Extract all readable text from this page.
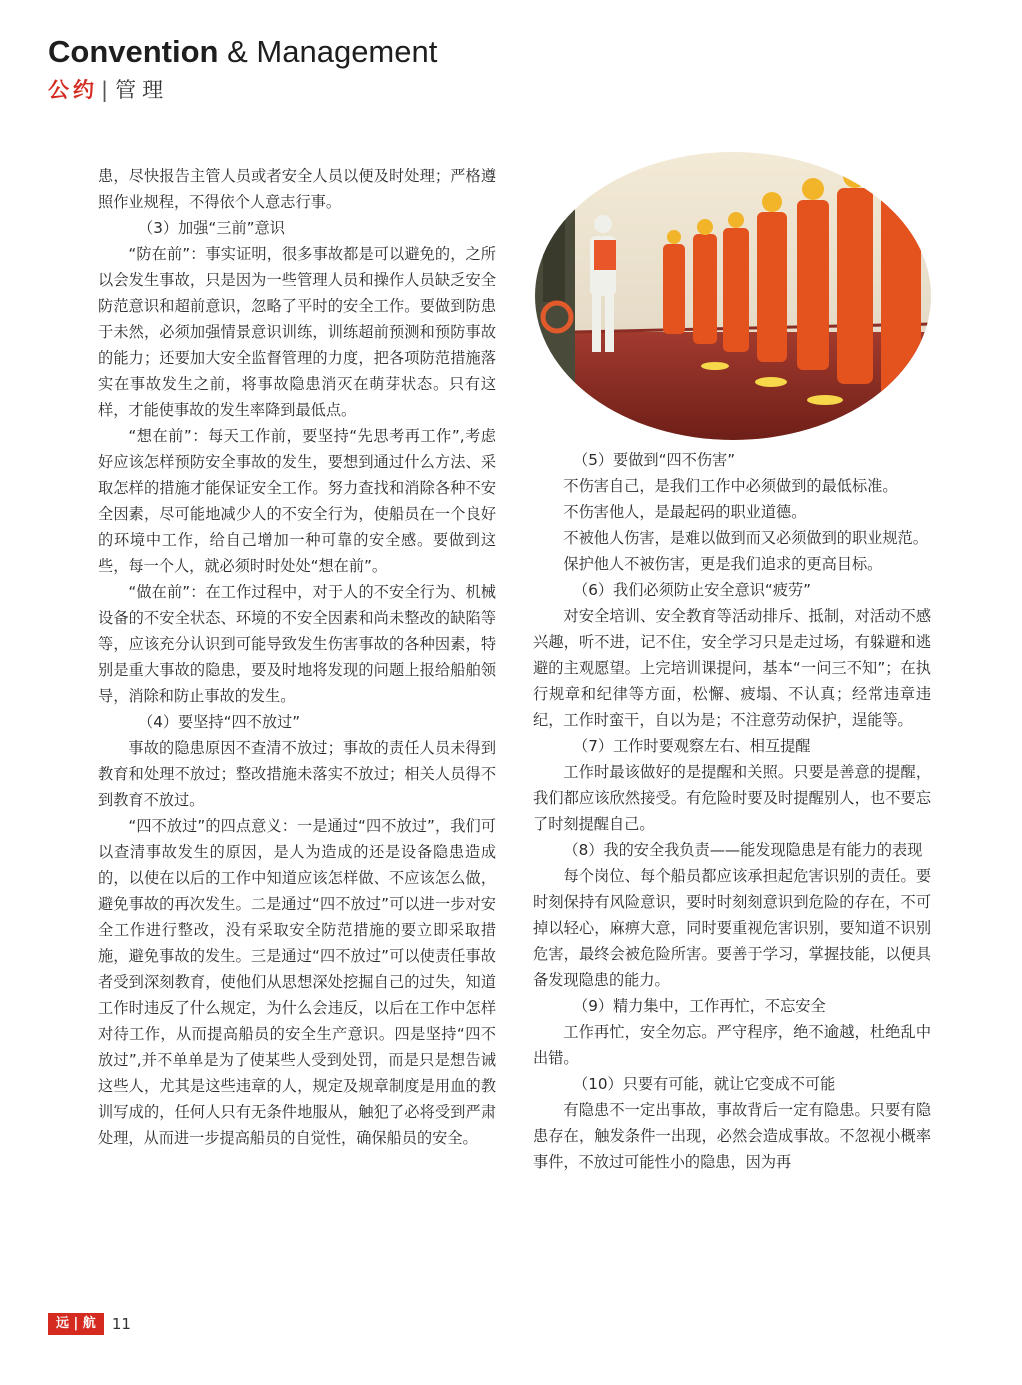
Convention & Management
公约 | 管理

患，尽快报告主管人员或者安全人员以便及时处理；严格遵照作业规程，不得依个人意志行事。

（3）加强“三前”意识

“防在前”：事实证明，很多事故都是可以避免的，之所以会发生事故，只是因为一些管理人员和操作人员缺乏安全防范意识和超前意识，忽略了平时的安全工作。要做到防患于未然，必须加强情景意识训练，训练超前预测和预防事故的能力；还要加大安全监督管理的力度，把各项防范措施落实在事故发生之前，将事故隐患消灭在萌芽状态。只有这样，才能使事故的发生率降到最低点。

“想在前”：每天工作前，要坚持“先思考再工作”,考虑好应该怎样预防安全事故的发生，要想到通过什么方法、采取怎样的措施才能保证安全工作。努力查找和消除各种不安全因素，尽可能地减少人的不安全行为，使船员在一个良好的环境中工作，给自己增加一种可靠的安全感。要做到这些，每一个人，就必须时时处处“想在前”。

“做在前”：在工作过程中，对于人的不安全行为、机械设备的不安全状态、环境的不安全因素和尚未整改的缺陷等等，应该充分认识到可能导致发生伤害事故的各种因素，特别是重大事故的隐患，要及时地将发现的问题上报给船舶领导，消除和防止事故的发生。

（4）要坚持“四不放过”

事故的隐患原因不查清不放过；事故的责任人员未得到教育和处理不放过；整改措施未落实不放过；相关人员得不到教育不放过。

“四不放过”的四点意义：一是通过“四不放过”，我们可以查清事故发生的原因，是人为造成的还是设备隐患造成的，以使在以后的工作中知道应该怎样做、不应该怎么做，避免事故的再次发生。二是通过“四不放过”可以进一步对安全工作进行整改，没有采取安全防范措施的要立即采取措施，避免事故的发生。三是通过“四不放过”可以使责任事故者受到深刻教育，使他们从思想深处挖掘自己的过失，知道工作时违反了什么规定，为什么会违反，以后在工作中怎样对待工作，从而提高船员的安全生产意识。四是坚持“四不放过”,并不单单是为了使某些人受到处罚，而是只是想告诫这些人，尤其是这些违章的人，规定及规章制度是用血的教训写成的，任何人只有无条件地服从，触犯了必将受到严肃处理，从而进一步提高船员的自觉性，确保船员的安全。

（5）要做到“四不伤害”

不伤害自己，是我们工作中必须做到的最低标准。

不伤害他人，是最起码的职业道德。

不被他人伤害，是难以做到而又必须做到的职业规范。

保护他人不被伤害，更是我们追求的更高目标。

（6）我们必须防止安全意识“疲劳”

对安全培训、安全教育等活动排斥、抵制，对活动不感兴趣，听不进，记不住，安全学习只是走过场，有躲避和逃避的主观愿望。上完培训课提问，基本“一问三不知”；在执行规章和纪律等方面，松懈、疲塌、不认真；经常违章违纪，工作时蛮干，自以为是；不注意劳动保护，逞能等。

（7）工作时要观察左右、相互提醒

工作时最该做好的是提醒和关照。只要是善意的提醒，我们都应该欣然接受。有危险时要及时提醒别人，也不要忘了时刻提醒自己。

（8）我的安全我负责——能发现隐患是有能力的表现

每个岗位、每个船员都应该承担起危害识别的责任。要时刻保持有风险意识，要时时刻刻意识到危险的存在，不可掉以轻心，麻痹大意，同时要重视危害识别，要知道不识别危害，最终会被危险所害。要善于学习，掌握技能，以便具备发现隐患的能力。

（9）精力集中，工作再忙，不忘安全

工作再忙，安全勿忘。严守程序，绝不逾越，杜绝乱中出错。

（10）只要有可能，就让它变成不可能

有隐患不一定出事故，事故背后一定有隐患。只要有隐患存在，触发条件一出现，必然会造成事故。不忽视小概率事件，不放过可能性小的隐患，因为再

远 | 航	11
